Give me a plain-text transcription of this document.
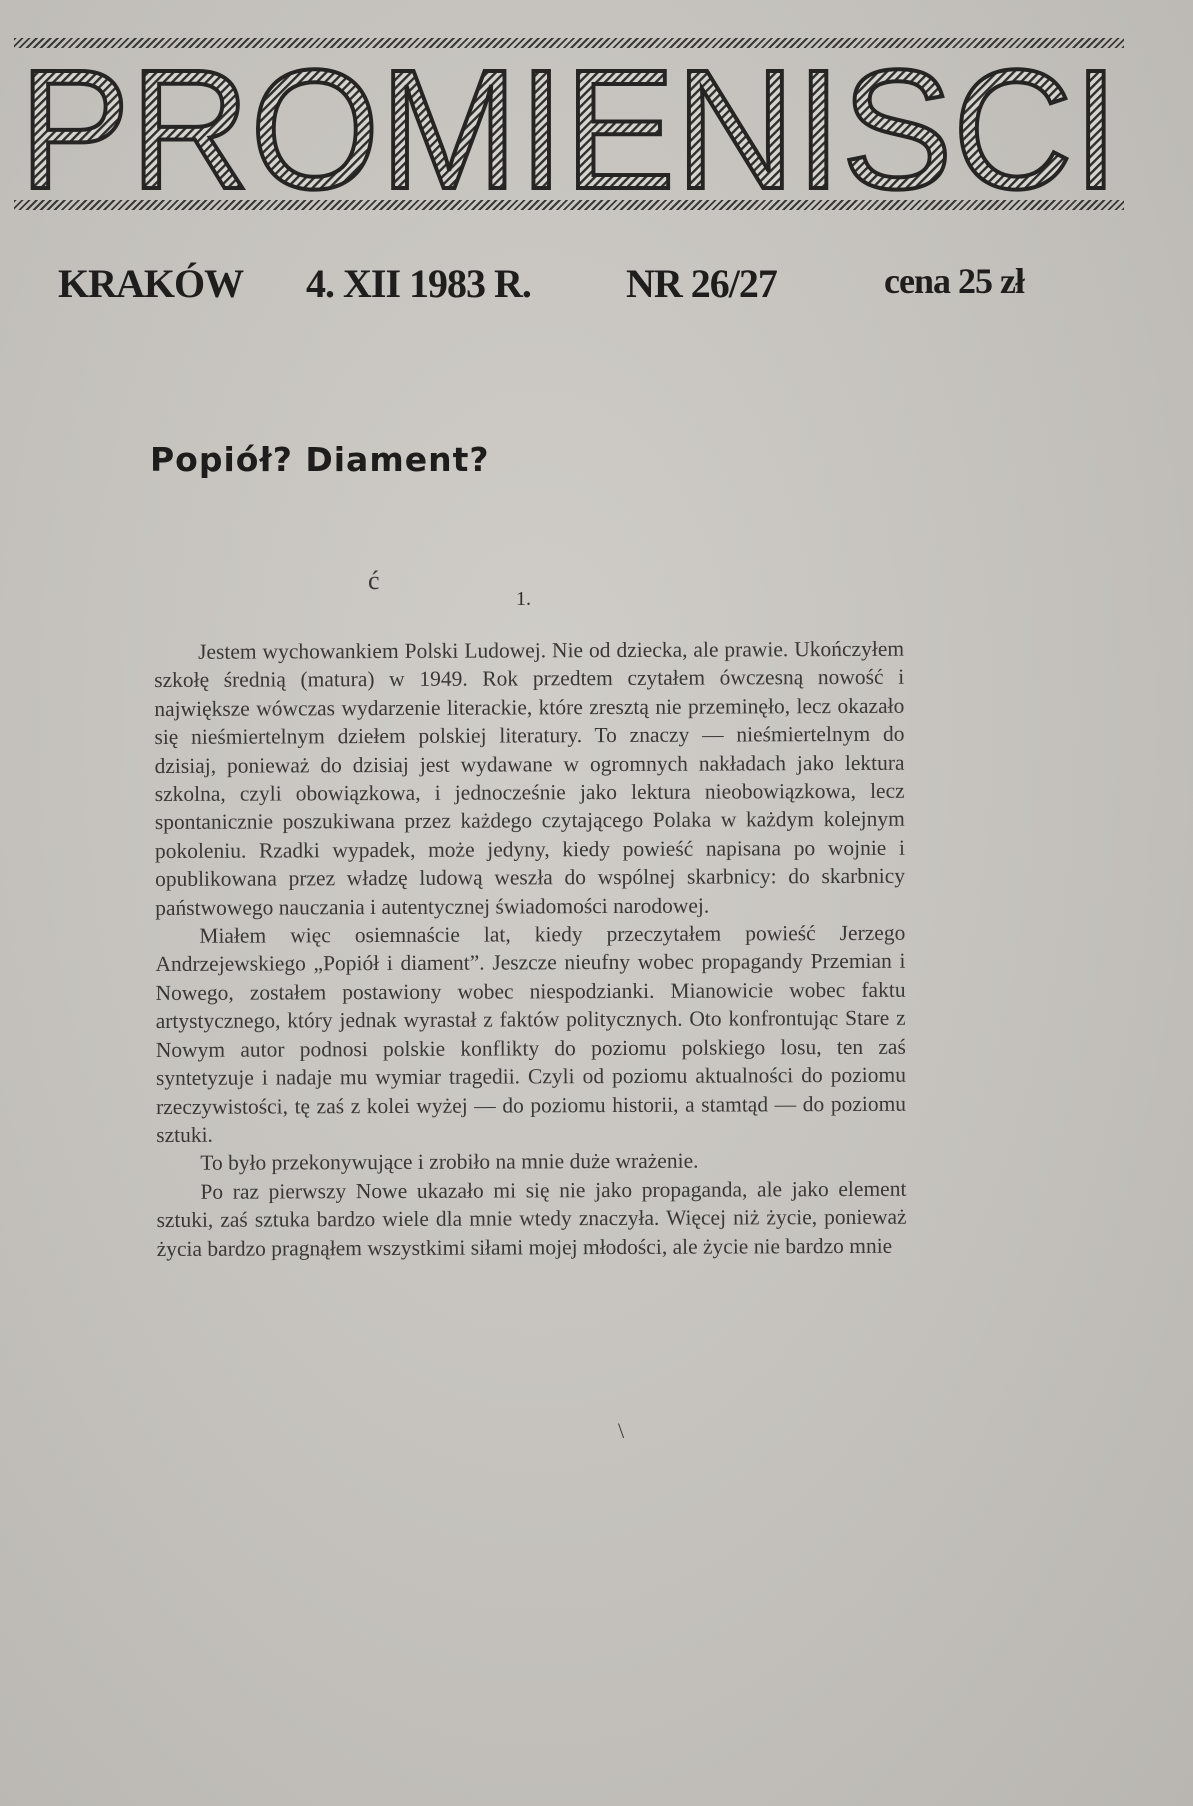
PROMIENISCI
KRAKÓW 4. XII 1983 R. NR 26/27	cena 25 zł
Popiół? Diament?
ć
1.

Jestem wychowankiem Polski Ludowej. Nie od dziecka, ale prawie. Ukończyłem szkołę średnią (matura) w 1949. Rok przedtem czytałem ówczesną nowość i największe wówczas wydarzenie literackie, które zresztą nie przeminęło, lecz okazało się nieśmiertelnym dziełem polskiej literatury. To znaczy — nieśmiertelnym do dzisiaj, ponieważ do dzisiaj jest wydawane w ogromnych nakładach jako lektura szkolna, czyli obowiązkowa, i jednocześnie jako lektura nieobowiązkowa, lecz spontanicznie poszukiwana przez każdego czytającego Polaka w każdym kolejnym pokoleniu. Rzadki wypadek, może jedyny, kiedy powieść napisana po wojnie i opublikowana przez władzę ludową weszła do wspólnej skarbnicy: do skarbnicy państwowego nauczania i autentycznej świadomości narodowej.

Miałem więc osiemnaście lat, kiedy przeczytałem powieść Jerzego Andrzejewskiego „Popiół i diament”. Jeszcze nieufny wobec propagandy Przemian i Nowego, zostałem postawiony wobec niespodzianki. Mianowicie wobec faktu artystycznego, który jednak wyrastał z faktów politycznych. Oto konfrontując Stare z Nowym autor podnosi polskie konflikty do poziomu polskiego losu, ten zaś syntetyzuje i nadaje mu wymiar tragedii. Czyli od poziomu aktualności do poziomu rzeczywistości, tę zaś z kolei wyżej — do poziomu historii, a stamtąd — do poziomu sztuki.

To było przekonywujące i zrobiło na mnie duże wrażenie.

Po raz pierwszy Nowe ukazało mi się nie jako propaganda, ale jako element sztuki, zaś sztuka bardzo wiele dla mnie wtedy znaczyła. Więcej niż życie, ponieważ życia bardzo pragnąłem wszystkimi siłami mojej młodości, ale życie nie bardzo mnie

\
